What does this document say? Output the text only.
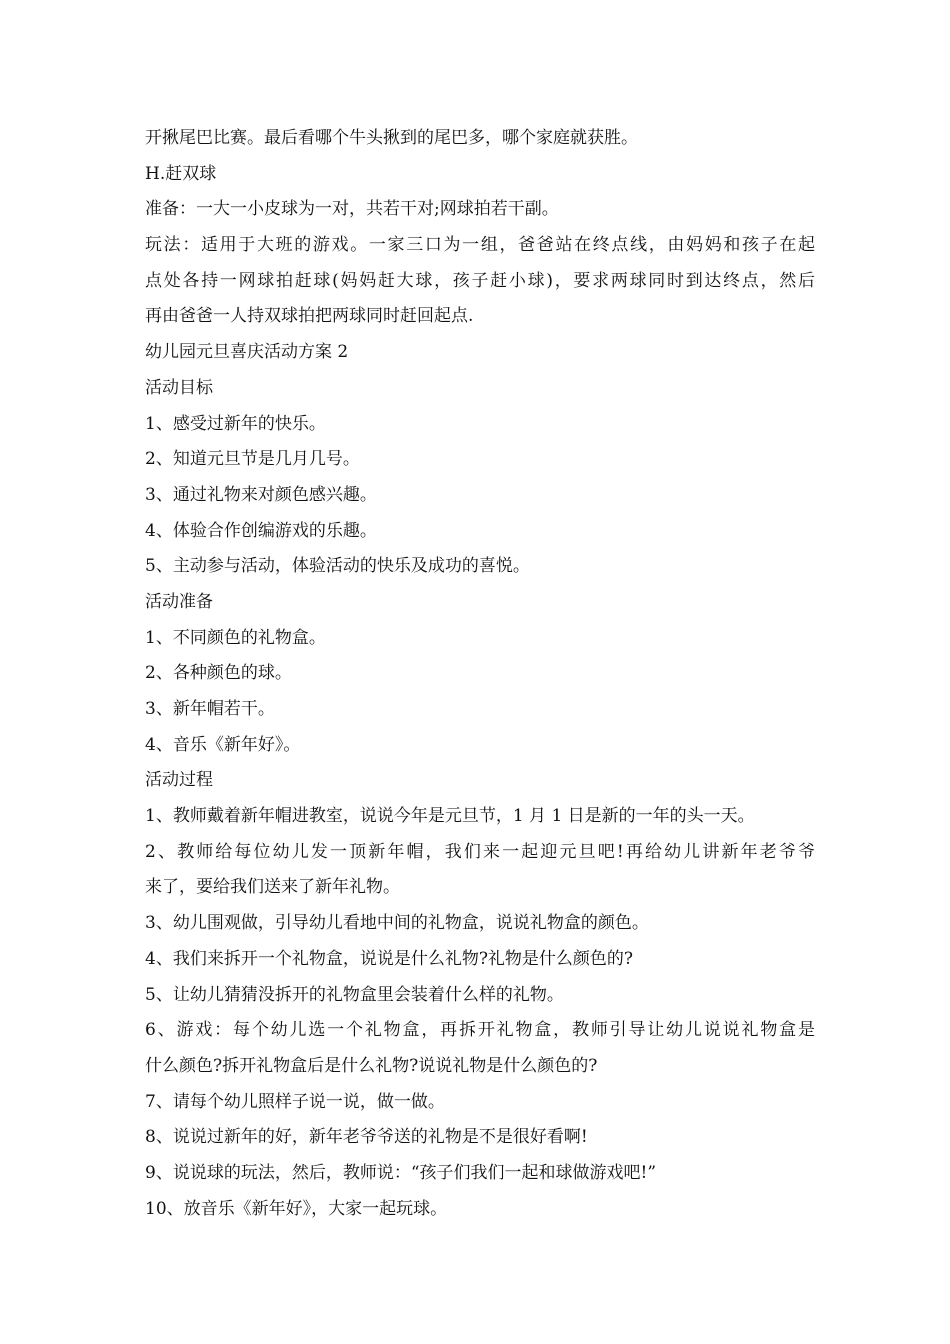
开揪尾巴比赛。最后看哪个牛头揪到的尾巴多，哪个家庭就获胜。

H.赶双球

准备：一大一小皮球为一对，共若干对;网球拍若干副。

玩法：适用于大班的游戏。一家三口为一组，爸爸站在终点线，由妈妈和孩子在起

点处各持一网球拍赶球(妈妈赶大球，孩子赶小球)，要求两球同时到达终点，然后

再由爸爸一人持双球拍把两球同时赶回起点.

幼儿园元旦喜庆活动方案 2

活动目标

1、感受过新年的快乐。

2、知道元旦节是几月几号。

3、通过礼物来对颜色感兴趣。

4、体验合作创编游戏的乐趣。

5、主动参与活动，体验活动的快乐及成功的喜悦。

活动准备

1、不同颜色的礼物盒。

2、各种颜色的球。

3、新年帽若干。

4、音乐《新年好》。

活动过程

1、教师戴着新年帽进教室，说说今年是元旦节，1 月 1 日是新的一年的头一天。

2、教师给每位幼儿发一顶新年帽，我们来一起迎元旦吧!再给幼儿讲新年老爷爷

来了，要给我们送来了新年礼物。

3、幼儿围观做，引导幼儿看地中间的礼物盒，说说礼物盒的颜色。

4、我们来拆开一个礼物盒，说说是什么礼物?礼物是什么颜色的?

5、让幼儿猜猜没拆开的礼物盒里会装着什么样的礼物。

6、游戏：每个幼儿选一个礼物盒，再拆开礼物盒，教师引导让幼儿说说礼物盒是

什么颜色?拆开礼物盒后是什么礼物?说说礼物是什么颜色的?

7、请每个幼儿照样子说一说，做一做。

8、说说过新年的好，新年老爷爷送的礼物是不是很好看啊!

9、说说球的玩法，然后，教师说：“孩子们我们一起和球做游戏吧!”

10、放音乐《新年好》，大家一起玩球。
